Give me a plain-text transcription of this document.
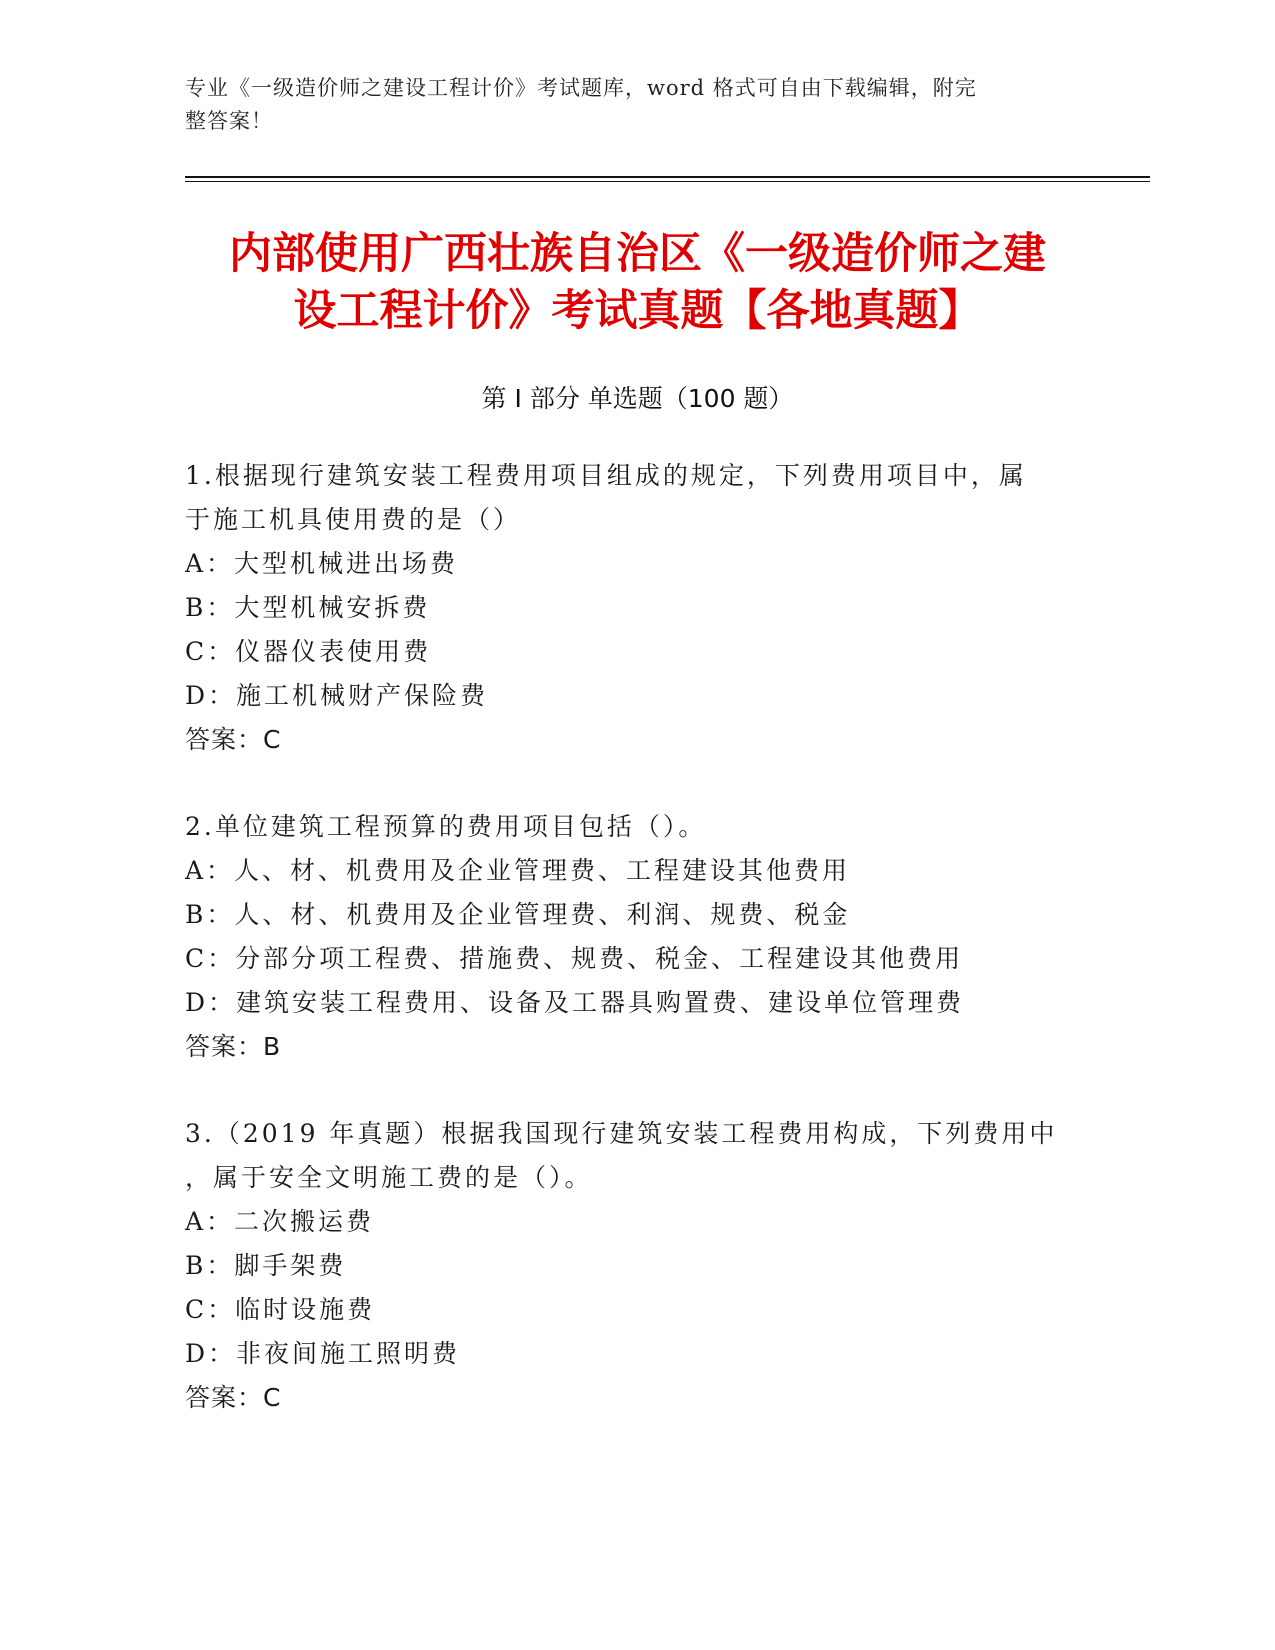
专业《一级造价师之建设工程计价》考试题库，word 格式可自由下载编辑，附完
整答案！
内部使用广西壮族自治区《一级造价师之建
设工程计价》考试真题【各地真题】
第 I 部分 单选题（100 题）
1.根据现行建筑安装工程费用项目组成的规定，下列费用项目中，属
于施工机具使用费的是（）
A：大型机械进出场费
B：大型机械安拆费
C：仪器仪表使用费
D：施工机械财产保险费
答案：C
2.单位建筑工程预算的费用项目包括（）。
A：人、材、机费用及企业管理费、工程建设其他费用
B：人、材、机费用及企业管理费、利润、规费、税金
C：分部分项工程费、措施费、规费、税金、工程建设其他费用
D：建筑安装工程费用、设备及工器具购置费、建设单位管理费
答案：B
3.（2019 年真题）根据我国现行建筑安装工程费用构成，下列费用中
，属于安全文明施工费的是（）。
A：二次搬运费
B：脚手架费
C：临时设施费
D：非夜间施工照明费
答案：C
